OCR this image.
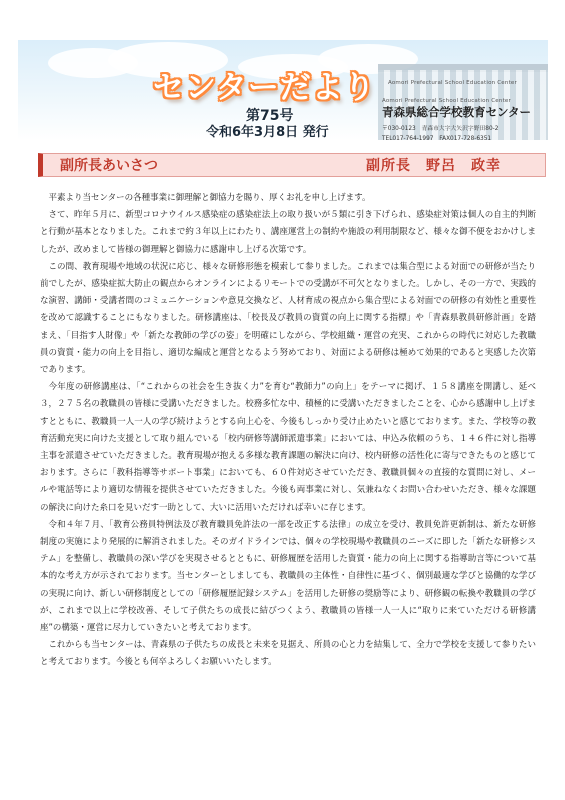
センターだより
第75号
令和6年3月8日 発行
Aomori Prefectural School Education Center
Aomori Prefectural School Education Center
青森県総合学校教育センター
〒030-0123　青森市大字大矢沢字野田80-2
TEL017-764-1997　FAX017-728-6351
副所長あいさつ	副所長　野呂　政幸

平素より当センターの各種事業に御理解と御協力を賜り、厚くお礼を申し上げます。

さて、昨年５月に、新型コロナウイルス感染症の感染症法上の取り扱いが５類に引き下げられ、感染症対策は個人の自主的判断と行動が基本となりました。これまで約３年以上にわたり、講座運営上の制約や施設の利用制限など、様々な御不便をおかけしましたが、改めまして皆様の御理解と御協力に感謝申し上げる次第です。

この間、教育現場や地域の状況に応じ、様々な研修形態を模索して参りました。これまでは集合型による対面での研修が当たり前でしたが、感染症拡大防止の観点からオンラインによるリモートでの受講が不可欠となりました。しかし、その一方で、実践的な演習、講師・受講者間のコミュニケーションや意見交換など、人材育成の視点から集合型による対面での研修の有効性と重要性を改めて認識することにもなりました。研修講座は、「校長及び教員の資質の向上に関する指標」や「青森県教員研修計画」を踏まえ、「目指す人財像」や「新たな教師の学びの姿」を明確にしながら、学校組織・運営の充実、これからの時代に対応した教職員の資質・能力の向上を目指し、適切な編成と運営となるよう努めており、対面による研修は極めて効果的であると実感した次第であります。

今年度の研修講座は、「“これからの社会を生き抜く力”を育む“教師力”の向上」をテーマに掲げ、１５８講座を開講し、延べ３，２７５名の教職員の皆様に受講いただきました。校務多忙な中、積極的に受講いただきましたことを、心から感謝申し上げますとともに、教職員一人一人の学び続けようとする向上心を、今後もしっかり受け止めたいと感じております。また、学校等の教育活動充実に向けた支援として取り組んでいる「校内研修等講師派遣事業」においては、申込み依頼のうち、１４６件に対し指導主事を派遣させていただきました。教育現場が抱える多様な教育課題の解決に向け、校内研修の活性化に寄与できたものと感じております。さらに「教科指導等サポート事業」においても、６０件対応させていただき、教職員個々の直接的な質問に対し、メールや電話等により適切な情報を提供させていただきました。今後も両事業に対し、気兼ねなくお問い合わせいただき、様々な課題の解決に向けた糸口を見いだす一助として、大いに活用いただければ幸いに存じます。

令和４年７月、「教育公務員特例法及び教育職員免許法の一部を改正する法律」の成立を受け、教員免許更新制は、新たな研修制度の実施により発展的に解消されました。そのガイドラインでは、個々の学校現場や教職員のニーズに即した「新たな研修システム」を整備し、教職員の深い学びを実現させるとともに、研修履歴を活用した資質・能力の向上に関する指導助言等について基本的な考え方が示されております。当センターとしましても、教職員の主体性・自律性に基づく、個別最適な学びと協働的な学びの実現に向け、新しい研修制度としての「研修履歴記録システム」を活用した研修の奨励等により、研修観の転換や教職員の学びが、これまで以上に学校改善、そして子供たちの成長に結びつくよう、教職員の皆様一人一人に“取りに来ていただける研修講座”の構築・運営に尽力していきたいと考えております。

これからも当センターは、青森県の子供たちの成長と未来を見据え、所員の心と力を結集して、全力で学校を支援して参りたいと考えております。今後とも何卒よろしくお願いいたします。
